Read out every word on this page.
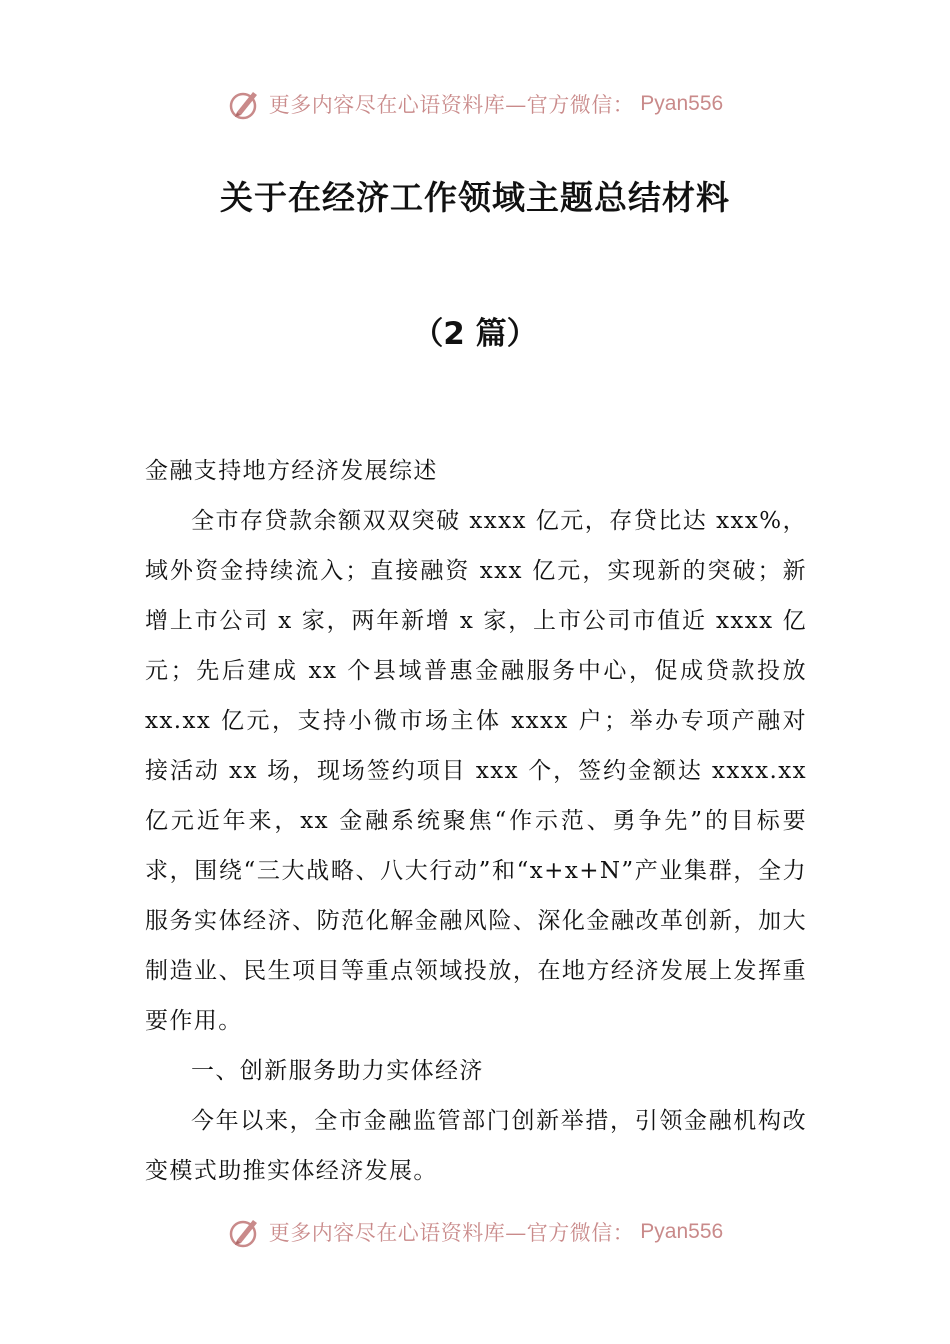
更多内容尽在心语资料库—官方微信： Pyan556
关于在经济工作领域主题总结材料
（2 篇）

金融支持地方经济发展综述

全市存贷款余额双双突破 xxxx 亿元，存贷比达 xxx%，域外资金持续流入；直接融资 xxx 亿元，实现新的突破；新增上市公司 x 家，两年新增 x 家，上市公司市值近 xxxx 亿元；先后建成 xx 个县域普惠金融服务中心，促成贷款投放 xx.xx 亿元，支持小微市场主体 xxxx 户；举办专项产融对接活动 xx 场，现场签约项目 xxx 个，签约金额达 xxxx.xx 亿元近年来，xx 金融系统聚焦“作示范、勇争先”的目标要求，围绕“三大战略、八大行动”和“x+x+N”产业集群，全力服务实体经济、防范化解金融风险、深化金融改革创新，加大制造业、民生项目等重点领域投放，在地方经济发展上发挥重要作用。

一、创新服务助力实体经济

今年以来，全市金融监管部门创新举措，引领金融机构改变模式助推实体经济发展。

更多内容尽在心语资料库—官方微信： Pyan556
